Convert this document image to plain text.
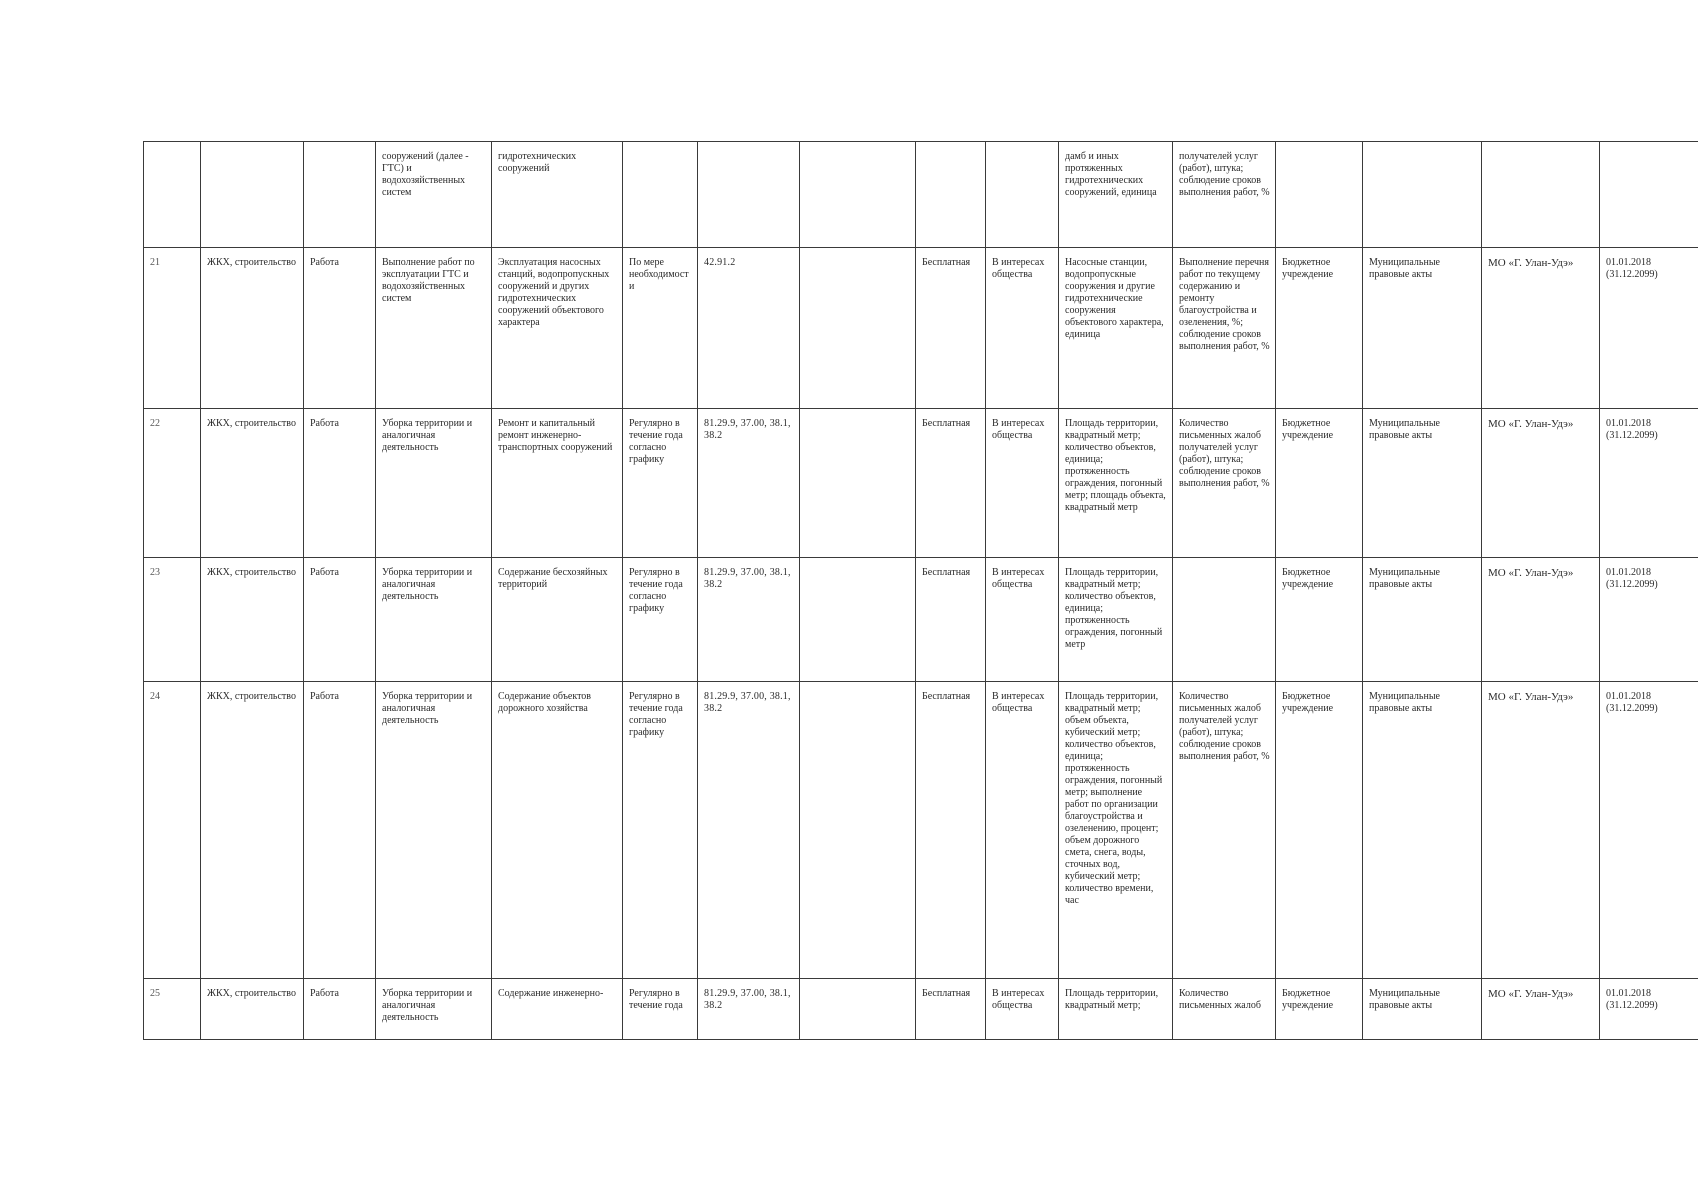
			сооружений (далее - ГТС) и водохозяйственных систем	гидротехнических сооружений						дамб и иных протяженных гидротехнических сооружений, единица	получателей услуг (работ), штука; соблюдение сроков выполнения работ, %					
21	ЖКХ, строительство	Работа	Выполнение работ по эксплуатации ГТС и водохозяйственных систем	Эксплуатация насосных станций, водопропускных сооружений и других гидротехнических сооружений объектового характера	По мере необходимости	42.91.2		Бесплатная	В интересах общества	Насосные станции, водопропускные сооружения и другие гидротехнические сооружения объектового характера, единица	Выполнение перечня работ по текущему содержанию и ремонту благоустройства и озеленения, %; соблюдение сроков выполнения работ, %	Бюджетное учреждение	Муниципальные правовые акты	МО «Г. Улан-Удэ»	01.01.2018 (31.12.2099)	
22	ЖКХ, строительство	Работа	Уборка территории и аналогичная деятельность	Ремонт и капитальный ремонт инженерно-транспортных сооружений	Регулярно в течение года согласно графику	81.29.9, 37.00, 38.1, 38.2		Бесплатная	В интересах общества	Площадь территории, квадратный метр; количество объектов, единица; протяженность ограждения, погонный метр; площадь объекта, квадратный метр	Количество письменных жалоб получателей услуг (работ), штука; соблюдение сроков выполнения работ, %	Бюджетное учреждение	Муниципальные правовые акты	МО «Г. Улан-Удэ»	01.01.2018 (31.12.2099)	
23	ЖКХ, строительство	Работа	Уборка территории и аналогичная деятельность	Содержание бесхозяйных территорий	Регулярно в течение года согласно графику	81.29.9, 37.00, 38.1, 38.2		Бесплатная	В интересах общества	Площадь территории, квадратный метр; количество объектов, единица; протяженность ограждения, погонный метр		Бюджетное учреждение	Муниципальные правовые акты	МО «Г. Улан-Удэ»	01.01.2018 (31.12.2099)	
24	ЖКХ, строительство	Работа	Уборка территории и аналогичная деятельность	Содержание объектов дорожного хозяйства	Регулярно в течение года согласно графику	81.29.9, 37.00, 38.1, 38.2		Бесплатная	В интересах общества	Площадь территории, квадратный метр; объем объекта, кубический метр; количество объектов, единица; протяженность ограждения, погонный метр; выполнение работ по организации благоустройства и озеленению, процент; объем дорожного смета, снега, воды, сточных вод, кубический метр; количество времени, час	Количество письменных жалоб получателей услуг (работ), штука; соблюдение сроков выполнения работ, %	Бюджетное учреждение	Муниципальные правовые акты	МО «Г. Улан-Удэ»	01.01.2018 (31.12.2099)	
25	ЖКХ, строительство	Работа	Уборка территории и аналогичная деятельность	Содержание инженерно-	Регулярно в течение года	81.29.9, 37.00, 38.1, 38.2		Бесплатная	В интересах общества	Площадь территории, квадратный метр;	Количество письменных жалоб	Бюджетное учреждение	Муниципальные правовые акты	МО «Г. Улан-Удэ»	01.01.2018 (31.12.2099)	
